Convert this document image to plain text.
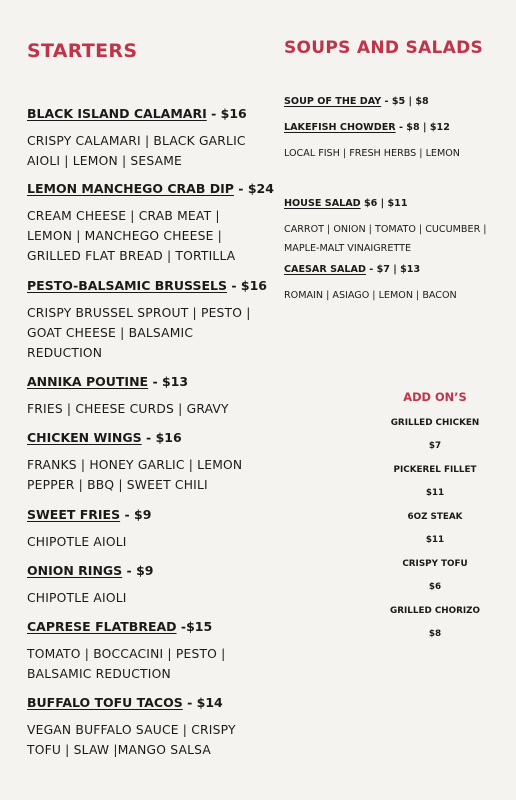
STARTERS
BLACK ISLAND CALAMARI - $16
CRISPY CALAMARI | BLACK GARLIC AIOLI | LEMON | SESAME
LEMON MANCHEGO CRAB DIP - $24
CREAM CHEESE | CRAB MEAT | LEMON | MANCHEGO CHEESE | GRILLED FLAT BREAD | TORTILLA
PESTO-BALSAMIC BRUSSELS - $16
CRISPY BRUSSEL SPROUT | PESTO | GOAT CHEESE | BALSAMIC REDUCTION
ANNIKA POUTINE - $13
FRIES | CHEESE CURDS | GRAVY
CHICKEN WINGS - $16
FRANKS | HONEY GARLIC | LEMON PEPPER | BBQ | SWEET CHILI
SWEET FRIES - $9
CHIPOTLE AIOLI
ONION RINGS - $9
CHIPOTLE AIOLI
CAPRESE FLATBREAD -$15
TOMATO | BOCCACINI | PESTO | BALSAMIC REDUCTION
BUFFALO TOFU TACOS - $14
VEGAN BUFFALO SAUCE | CRISPY TOFU | SLAW |MANGO SALSA
SOUPS AND SALADS
SOUP OF THE DAY - $5 | $8
LAKEFISH CHOWDER - $8 | $12
LOCAL FISH | FRESH HERBS | LEMON
HOUSE SALAD $6 | $11
CARROT | ONION | TOMATO | CUCUMBER | MAPLE-MALT VINAIGRETTE
CAESAR SALAD - $7 | $13
ROMAIN | ASIAGO | LEMON | BACON
ADD ON’S
GRILLED CHICKEN
$7
PICKEREL FILLET
$11
6OZ STEAK
$11
CRISPY TOFU
$6
GRILLED CHORIZO
$8
